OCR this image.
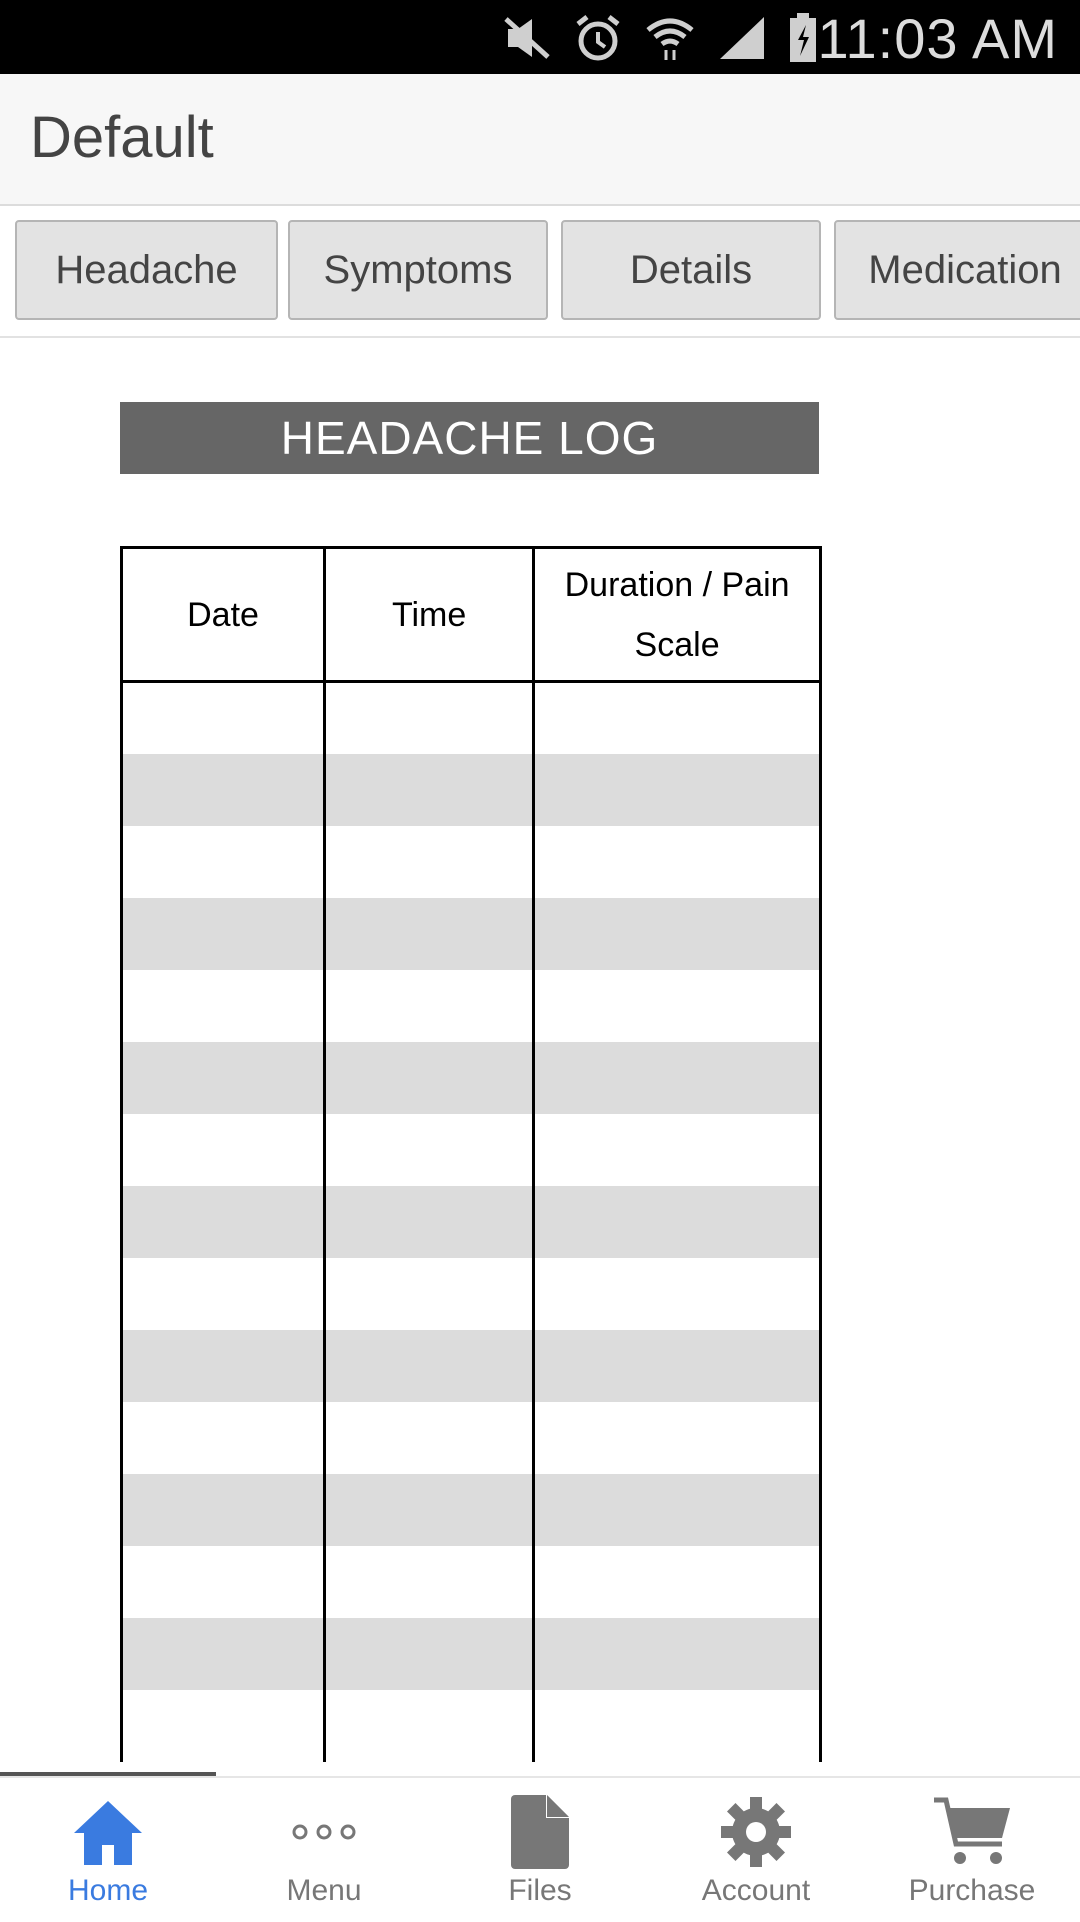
11:03 AM
Default
Headache	Symptoms	Details	Medication
HEADACHE LOG
Date	Time	Duration / Pain Scale

Home	Menu	Files	Account	Purchase
